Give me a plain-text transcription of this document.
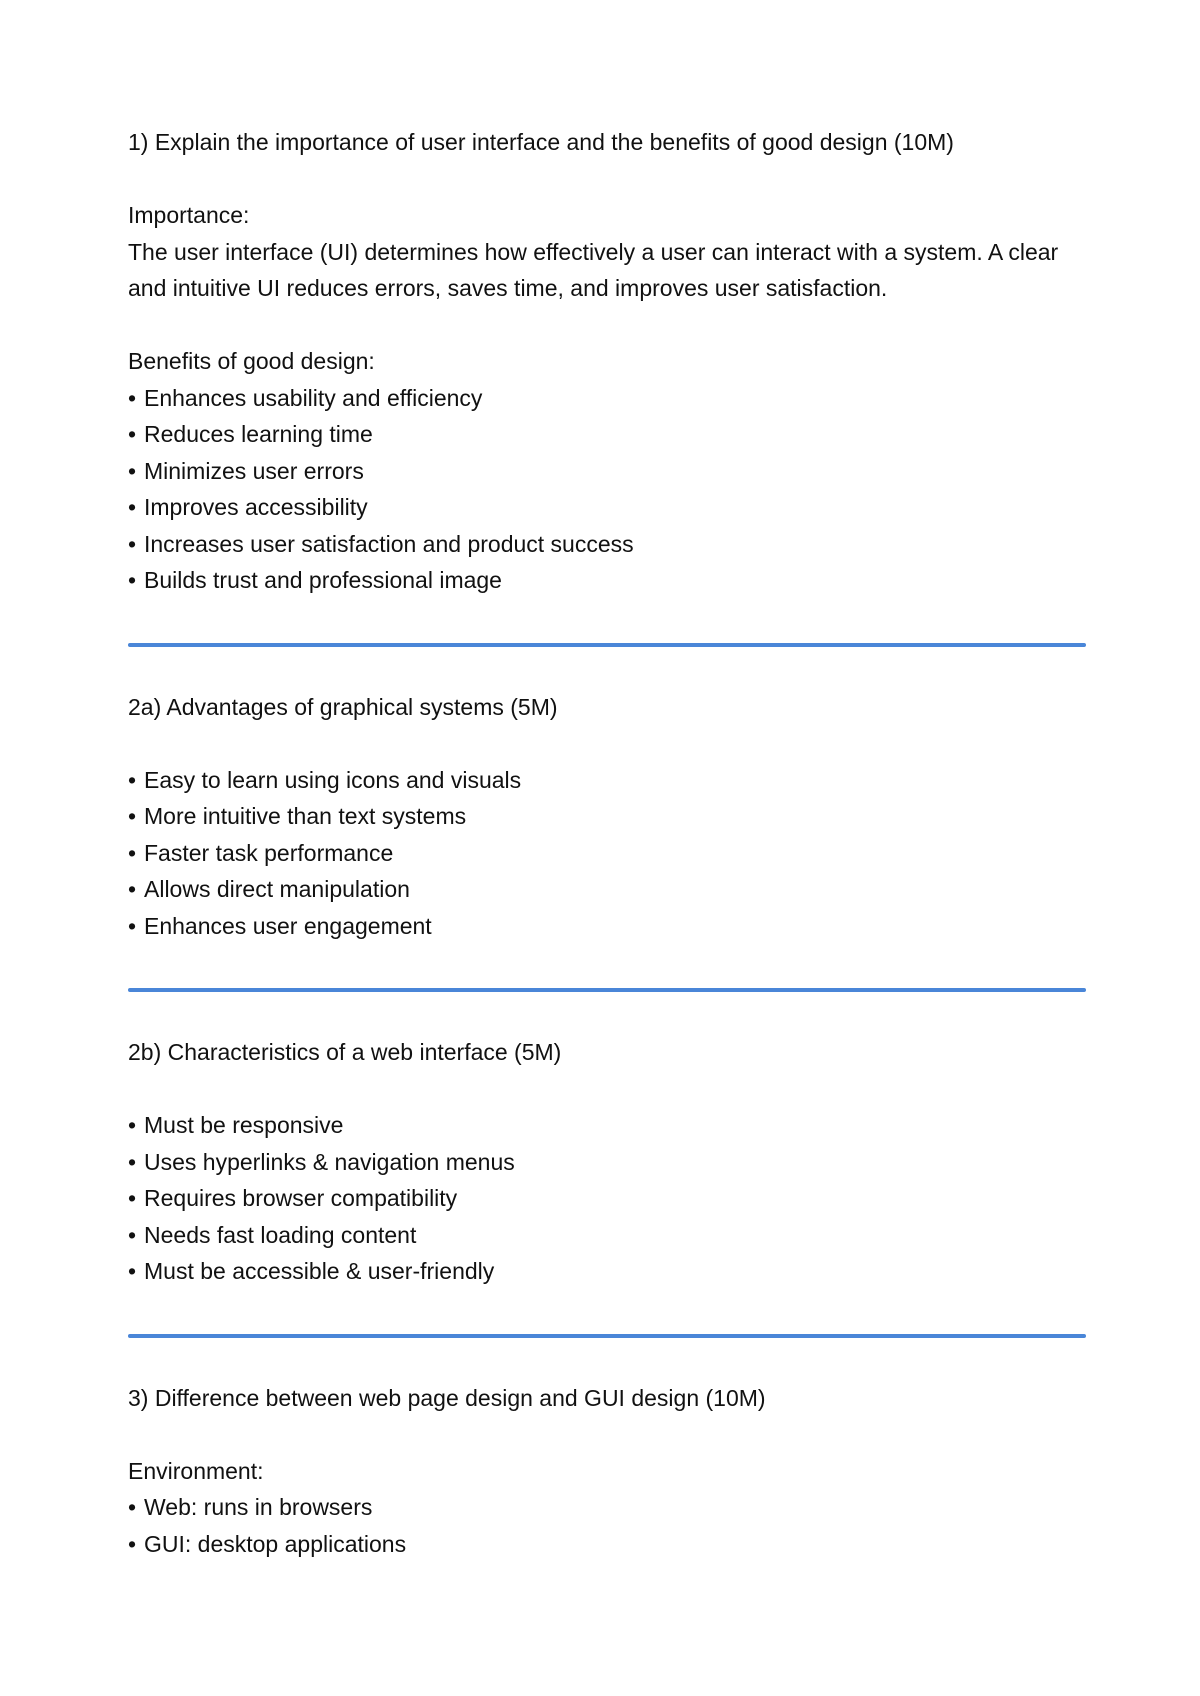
1) Explain the importance of user interface and the benefits of good design (10M)

Importance:

The user interface (UI) determines how effectively a user can interact with a system. A clear and intuitive UI reduces errors, saves time, and improves user satisfaction.

Benefits of good design:

• Enhances usability and efficiency
• Reduces learning time
• Minimizes user errors
• Improves accessibility
• Increases user satisfaction and product success
• Builds trust and professional image

2a) Advantages of graphical systems (5M)

• Easy to learn using icons and visuals
• More intuitive than text systems
• Faster task performance
• Allows direct manipulation
• Enhances user engagement

2b) Characteristics of a web interface (5M)

• Must be responsive
• Uses hyperlinks & navigation menus
• Requires browser compatibility
• Needs fast loading content
• Must be accessible & user-friendly

3) Difference between web page design and GUI design (10M)

Environment:

• Web: runs in browsers
• GUI: desktop applications
